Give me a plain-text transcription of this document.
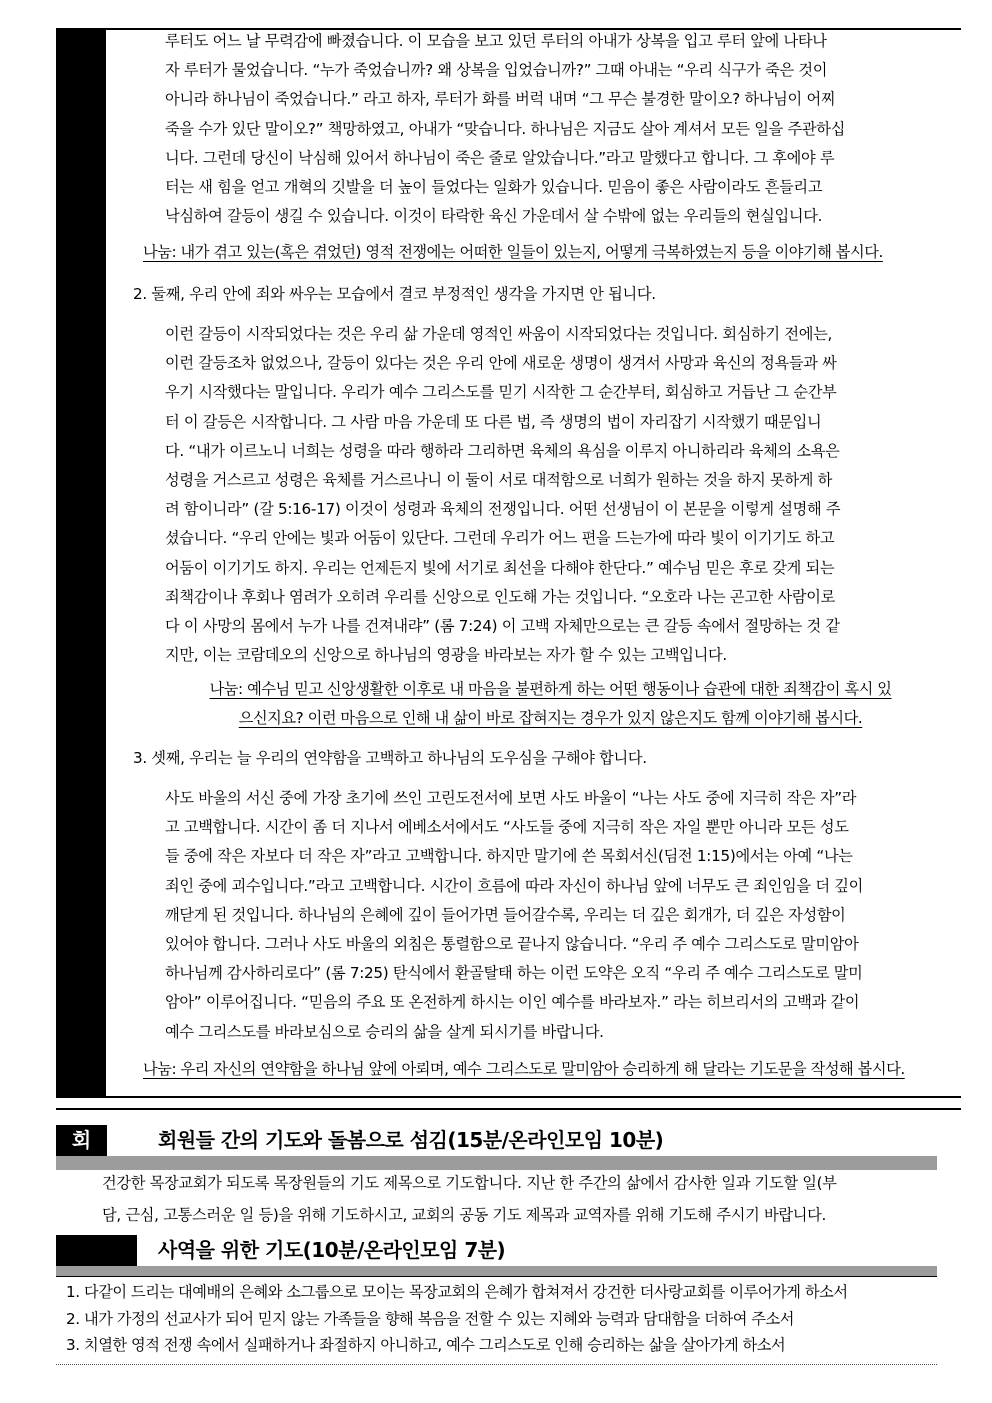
루터도 어느 날 무력감에 빠졌습니다. 이 모습을 보고 있던 루터의 아내가 상복을 입고 루터 앞에 나타나
자 루터가 물었습니다. “누가 죽었습니까? 왜 상복을 입었습니까?” 그때 아내는 “우리 식구가 죽은 것이
아니라 하나님이 죽었습니다.” 라고 하자, 루터가 화를 버럭 내며 “그 무슨 불경한 말이오? 하나님이 어찌
죽을 수가 있단 말이오?” 책망하였고, 아내가 “맞습니다. 하나님은 지금도 살아 계셔서 모든 일을 주관하십
니다. 그런데 당신이 낙심해 있어서 하나님이 죽은 줄로 알았습니다.”라고 말했다고 합니다. 그 후에야 루
터는 새 힘을 얻고 개혁의 깃발을 더 높이 들었다는 일화가 있습니다. 믿음이 좋은 사람이라도 흔들리고
낙심하여 갈등이 생길 수 있습니다. 이것이 타락한 육신 가운데서 살 수밖에 없는 우리들의 현실입니다.
나눔: 내가 겪고 있는(혹은 겪었던) 영적 전쟁에는 어떠한 일들이 있는지, 어떻게 극복하였는지 등을 이야기해 봅시다.
2. 둘째, 우리 안에 죄와 싸우는 모습에서 결코 부정적인 생각을 가지면 안 됩니다.
이런 갈등이 시작되었다는 것은 우리 삶 가운데 영적인 싸움이 시작되었다는 것입니다. 회심하기 전에는,
이런 갈등조차 없었으나, 갈등이 있다는 것은 우리 안에 새로운 생명이 생겨서 사망과 육신의 정욕들과 싸
우기 시작했다는 말입니다. 우리가 예수 그리스도를 믿기 시작한 그 순간부터, 회심하고 거듭난 그 순간부
터 이 갈등은 시작합니다. 그 사람 마음 가운데 또 다른 법, 즉 생명의 법이 자리잡기 시작했기 때문입니
다. “내가 이르노니 너희는 성령을 따라 행하라 그리하면 육체의 욕심을 이루지 아니하리라 육체의 소욕은
성령을 거스르고 성령은 육체를 거스르나니 이 둘이 서로 대적함으로 너희가 원하는 것을 하지 못하게 하
려 함이니라” (갈 5:16-17) 이것이 성령과 육체의 전쟁입니다. 어떤 선생님이 이 본문을 이렇게 설명해 주
셨습니다. “우리 안에는 빛과 어둠이 있단다. 그런데 우리가 어느 편을 드는가에 따라 빛이 이기기도 하고
어둠이 이기기도 하지. 우리는 언제든지 빛에 서기로 최선을 다해야 한단다.” 예수님 믿은 후로 갖게 되는
죄책감이나 후회나 염려가 오히려 우리를 신앙으로 인도해 가는 것입니다. “오호라 나는 곤고한 사람이로
다 이 사망의 몸에서 누가 나를 건져내랴” (롬 7:24) 이 고백 자체만으로는 큰 갈등 속에서 절망하는 것 같
지만, 이는 코람데오의 신앙으로 하나님의 영광을 바라보는 자가 할 수 있는 고백입니다.
나눔: 예수님 믿고 신앙생활한 이후로 내 마음을 불편하게 하는 어떤 행동이나 습관에 대한 죄책감이 혹시 있
으신지요? 이런 마음으로 인해 내 삶이 바로 잡혀지는 경우가 있지 않은지도 함께 이야기해 봅시다.
3. 셋째, 우리는 늘 우리의 연약함을 고백하고 하나님의 도우심을 구해야 합니다.
사도 바울의 서신 중에 가장 초기에 쓰인 고린도전서에 보면 사도 바울이 “나는 사도 중에 지극히 작은 자”라
고 고백합니다. 시간이 좀 더 지나서 에베소서에서도 “사도들 중에 지극히 작은 자일 뿐만 아니라 모든 성도
들 중에 작은 자보다 더 작은 자”라고 고백합니다. 하지만 말기에 쓴 목회서신(딤전 1:15)에서는 아예 “나는
죄인 중에 괴수입니다.”라고 고백합니다. 시간이 흐름에 따라 자신이 하나님 앞에 너무도 큰 죄인임을 더 깊이
깨닫게 된 것입니다. 하나님의 은혜에 깊이 들어가면 들어갈수록, 우리는 더 깊은 회개가, 더 깊은 자성함이
있어야 합니다. 그러나 사도 바울의 외침은 통렬함으로 끝나지 않습니다. “우리 주 예수 그리스도로 말미암아
하나님께 감사하리로다” (롬 7:25) 탄식에서 환골탈태 하는 이런 도약은 오직 “우리 주 예수 그리스도로 말미
암아” 이루어집니다. “믿음의 주요 또 온전하게 하시는 이인 예수를 바라보자.” 라는 히브리서의 고백과 같이
예수 그리스도를 바라보심으로 승리의 삶을 살게 되시기를 바랍니다.
나눔: 우리 자신의 연약함을 하나님 앞에 아뢰며, 예수 그리스도로 말미암아 승리하게 해 달라는 기도문을 작성해 봅시다.
회	회원들 간의 기도와 돌봄으로 섬김(15분/온라인모임 10분)
건강한 목장교회가 되도록 목장원들의 기도 제목으로 기도합니다. 지난 한 주간의 삶에서 감사한 일과 기도할 일(부
담, 근심, 고통스러운 일 등)을 위해 기도하시고, 교회의 공동 기도 제목과 교역자를 위해 기도해 주시기 바랍니다.
사역을 위한 기도(10분/온라인모임 7분)
1. 다같이 드리는 대예배의 은혜와 소그룹으로 모이는 목장교회의 은혜가 합쳐져서 강건한 더사랑교회를 이루어가게 하소서
2. 내가 가정의 선교사가 되어 믿지 않는 가족들을 향해 복음을 전할 수 있는 지혜와 능력과 담대함을 더하여 주소서
3. 치열한 영적 전쟁 속에서 실패하거나 좌절하지 아니하고, 예수 그리스도로 인해 승리하는 삶을 살아가게 하소서
